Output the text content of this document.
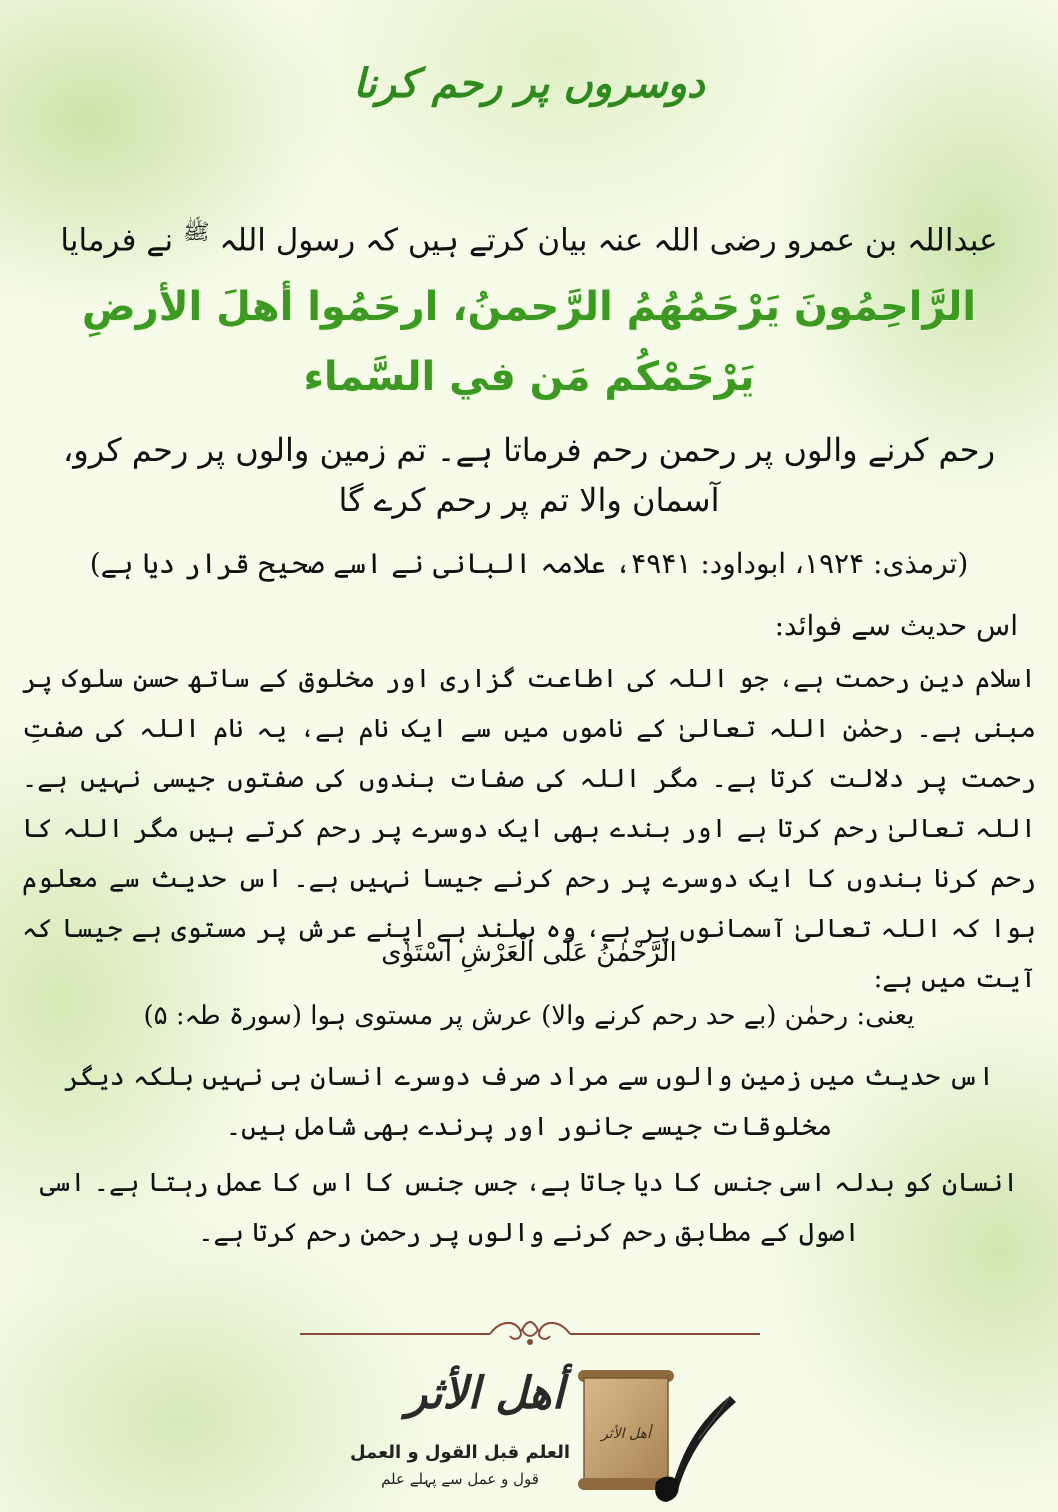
دوسروں پر رحم کرنا

عبداللہ بن عمرو رضی اللہ عنہ بیان کرتے ہیں کہ رسول اللہ $^ﷺ$ نے فرمایا

الرَّاحِمُونَ يَرْحَمُهُمُ الرَّحمنُ، ارحَمُوا أهلَ الأرضِ يَرْحَمْكُم مَن في السَّماء

رحم کرنے والوں پر رحمن رحم فرماتا ہے۔ تم زمین والوں پر رحم کرو، آسمان والا تم پر رحم کرے گا

(ترمذی: ۱۹۲۴، ابوداود: ۴۹۴۱، علامہ البانی نے اسے صحیح قرار دیا ہے)

اس حدیث سے فوائد:

اسلام دین رحمت ہے، جو اللہ کی اطاعت گزاری اور مخلوق کے ساتھ حسن سلوک پر مبنی ہے۔ رحمٰن اللہ تعالیٰ کے ناموں میں سے ایک نام ہے، یہ نام اللہ کی صفتِ رحمت پر دلالت کرتا ہے۔ مگر اللہ کی صفات بندوں کی صفتوں جیسی نہیں ہے۔ اللہ تعالیٰ رحم کرتا ہے اور بندے بھی ایک دوسرے پر رحم کرتے ہیں مگر اللہ کا رحم کرنا بندوں کا ایک دوسرے پر رحم کرنے جیسا نہیں ہے۔ اس حدیث سے معلوم ہوا کہ اللہ تعالیٰ آسمانوں پر ہے، وہ بلند ہے اپنے عرش پر مستوی ہے جیسا کہ آیت میں ہے:

الرَّحْمٰنُ عَلَى الْعَرْشِ اسْتَوٰى

یعنی: رحمٰن (بے حد رحم کرنے والا) عرش پر مستوی ہوا (سورۃ طہ: ۵)

اس حدیث میں زمین والوں سے مراد صرف دوسرے انسان ہی نہیں بلکہ دیگر مخلوقات جیسے جانور اور پرندے بھی شامل ہیں۔

انسان کو بدلہ اسی جنس کا دیا جاتا ہے، جس جنس کا اس کا عمل رہتا ہے۔ اسی اصول کے مطابق رحم کرنے والوں پر رحمن رحم کرتا ہے۔

أهل الأثر

العلم قبل القول و العمل

قول و عمل سے پہلے علم

أهل الأثر
